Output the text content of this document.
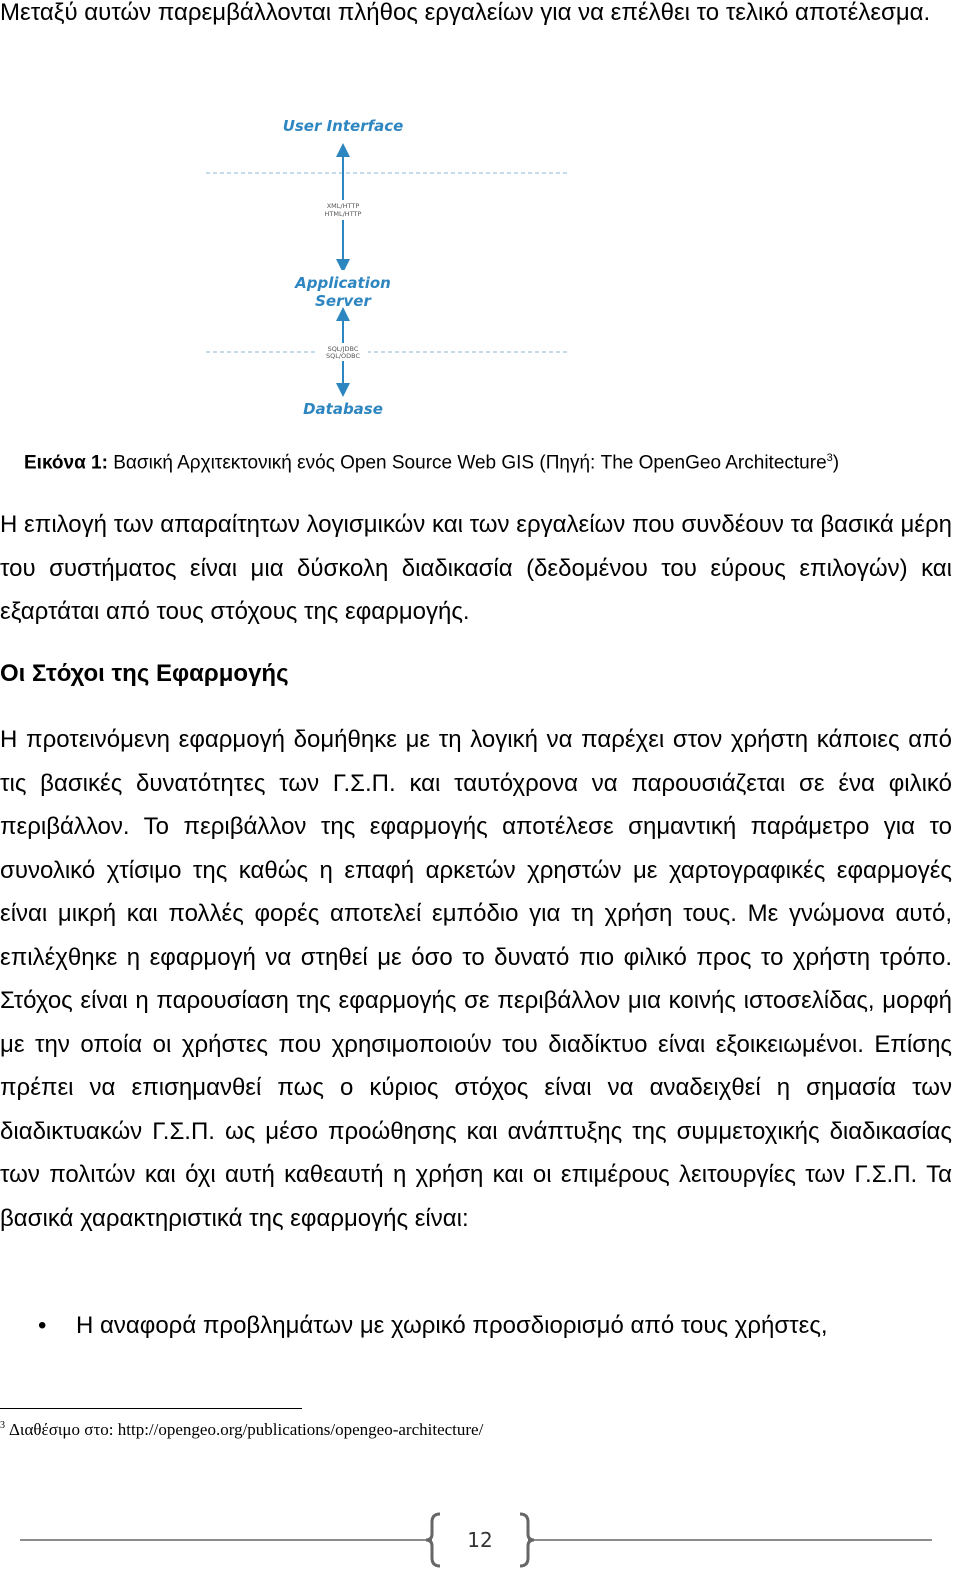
Μεταξύ αυτών παρεμβάλλονται πλήθος εργαλείων για να επέλθει το τελικό αποτέλεσμα.

User Interface
XML/HTTP
HTML/HTTP
Application
Server
SQL/JDBC
SQL/ODBC
Database
Εικόνα 1: Βασική Αρχιτεκτονική ενός Open Source Web GIS (Πηγή: The OpenGeo Architecture$^3$)

Η επιλογή των απαραίτητων λογισμικών και των εργαλείων που συνδέουν τα βασικά μέρη του συστήματος είναι μια δύσκολη διαδικασία (δεδομένου του εύρους επιλογών) και εξαρτάται από τους στόχους της εφαρμογής.

Οι Στόχοι της Εφαρμογής

Η προτεινόμενη εφαρμογή δομήθηκε με τη λογική να παρέχει στον χρήστη κάποιες από τις βασικές δυνατότητες των Γ.Σ.Π. και ταυτόχρονα να παρουσιάζεται σε ένα φιλικό περιβάλλον. Το περιβάλλον της εφαρμογής αποτέλεσε σημαντική παράμετρο για το συνολικό χτίσιμο της καθώς η επαφή αρκετών χρηστών με χαρτογραφικές εφαρμογές είναι μικρή και πολλές φορές αποτελεί εμπόδιο για τη χρήση τους. Με γνώμονα αυτό, επιλέχθηκε η εφαρμογή να στηθεί με όσο το δυνατό πιο φιλικό προς το χρήστη τρόπο. Στόχος είναι η παρουσίαση της εφαρμογής σε περιβάλλον μια κοινής ιστοσελίδας, μορφή με την οποία οι χρήστες που χρησιμοποιούν του διαδίκτυο είναι εξοικειωμένοι. Επίσης πρέπει να επισημανθεί πως ο κύριος στόχος είναι να αναδειχθεί η σημασία των διαδικτυακών Γ.Σ.Π. ως μέσο προώθησης και ανάπτυξης της συμμετοχικής διαδικασίας των πολιτών και όχι αυτή καθεαυτή η χρήση και οι επιμέρους λειτουργίες των Γ.Σ.Π. Τα βασικά χαρακτηριστικά της εφαρμογής είναι:

• Η αναφορά προβλημάτων με χωρικό προσδιορισμό από τους χρήστες,
$^3$ Διαθέσιμο στο: http://opengeo.org/publications/opengeo-architecture/
12
